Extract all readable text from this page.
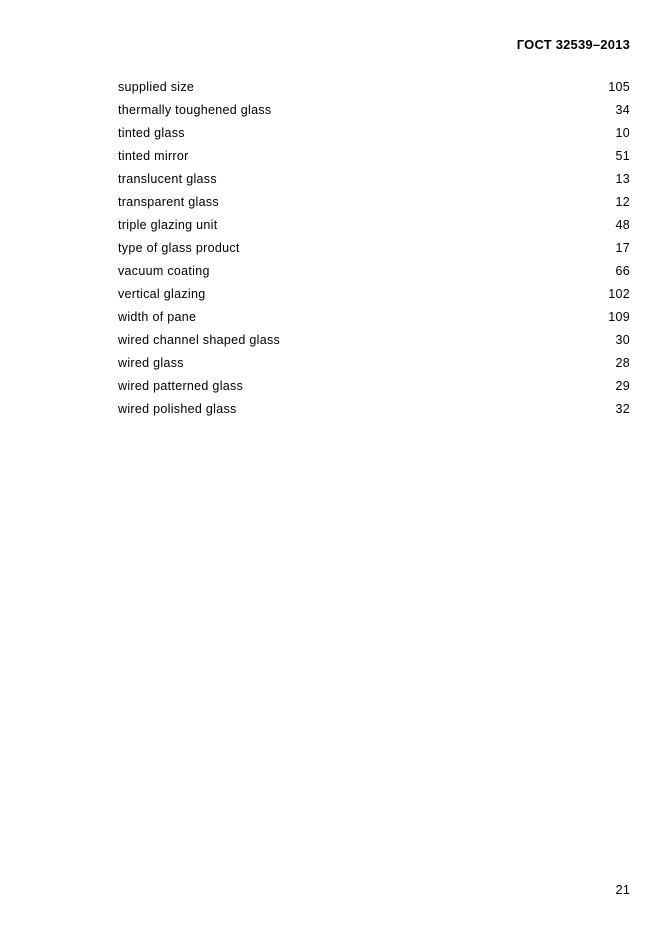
ГОСТ 32539–2013
supplied size	105
thermally toughened glass	34
tinted glass	10
tinted mirror	51
translucent glass	13
transparent glass	12
triple glazing unit	48
type of glass product	17
vacuum coating	66
vertical glazing	102
width of pane	109
wired channel shaped glass	30
wired glass	28
wired patterned glass	29
wired polished glass	32
21
